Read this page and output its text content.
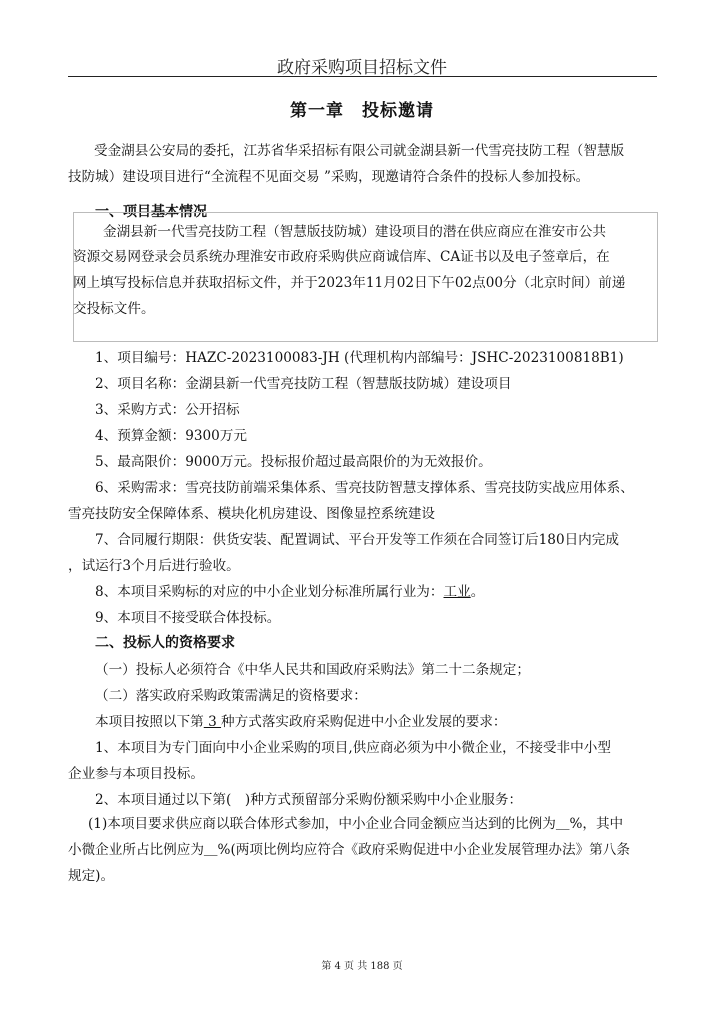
政府采购项目招标文件
第一章　投标邀请
受金湖县公安局的委托，江苏省华采招标有限公司就金湖县新一代雪亮技防工程（智慧版
技防城）建设项目进行“全流程不见面交易 ”采购，现邀请符合条件的投标人参加投标。
一、项目基本情况
金湖县新一代雪亮技防工程（智慧版技防城）建设项目的潜在供应商应在淮安市公共
资源交易网登录会员系统办理淮安市政府采购供应商诚信库、CA证书以及电子签章后，在
网上填写投标信息并获取招标文件，并于2023年11月02日下午02点00分（北京时间）前递
交投标文件。
1、项目编号：HAZC-2023100083-JH (代理机构内部编号：JSHC-2023100818B1)
2、项目名称：金湖县新一代雪亮技防工程（智慧版技防城）建设项目
3、采购方式：公开招标
4、预算金额：9300万元
5、最高限价：9000万元。投标报价超过最高限价的为无效报价。
6、采购需求：雪亮技防前端采集体系、雪亮技防智慧支撑体系、雪亮技防实战应用体系、
雪亮技防安全保障体系、模块化机房建设、图像显控系统建设
7、合同履行期限：供货安装、配置调试、平台开发等工作须在合同签订后180日内完成
，试运行3个月后进行验收。
8、本项目采购标的对应的中小企业划分标准所属行业为：工业。
9、本项目不接受联合体投标。
二、投标人的资格要求
（一）投标人必须符合《中华人民共和国政府采购法》第二十二条规定；
（二）落实政府采购政策需满足的资格要求：
本项目按照以下第 3 种方式落实政府采购促进中小企业发展的要求：
1、本项目为专门面向中小企业采购的项目,供应商必须为中小微企业，不接受非中小型
企业参与本项目投标。
2、本项目通过以下第(　)种方式预留部分采购份额采购中小企业服务：
(1)本项目要求供应商以联合体形式参加，中小企业合同金额应当达到的比例为＿%，其中
小微企业所占比例应为＿%(两项比例均应符合《政府采购促进中小企业发展管理办法》第八条
规定)。
第 4 页 共 188 页
